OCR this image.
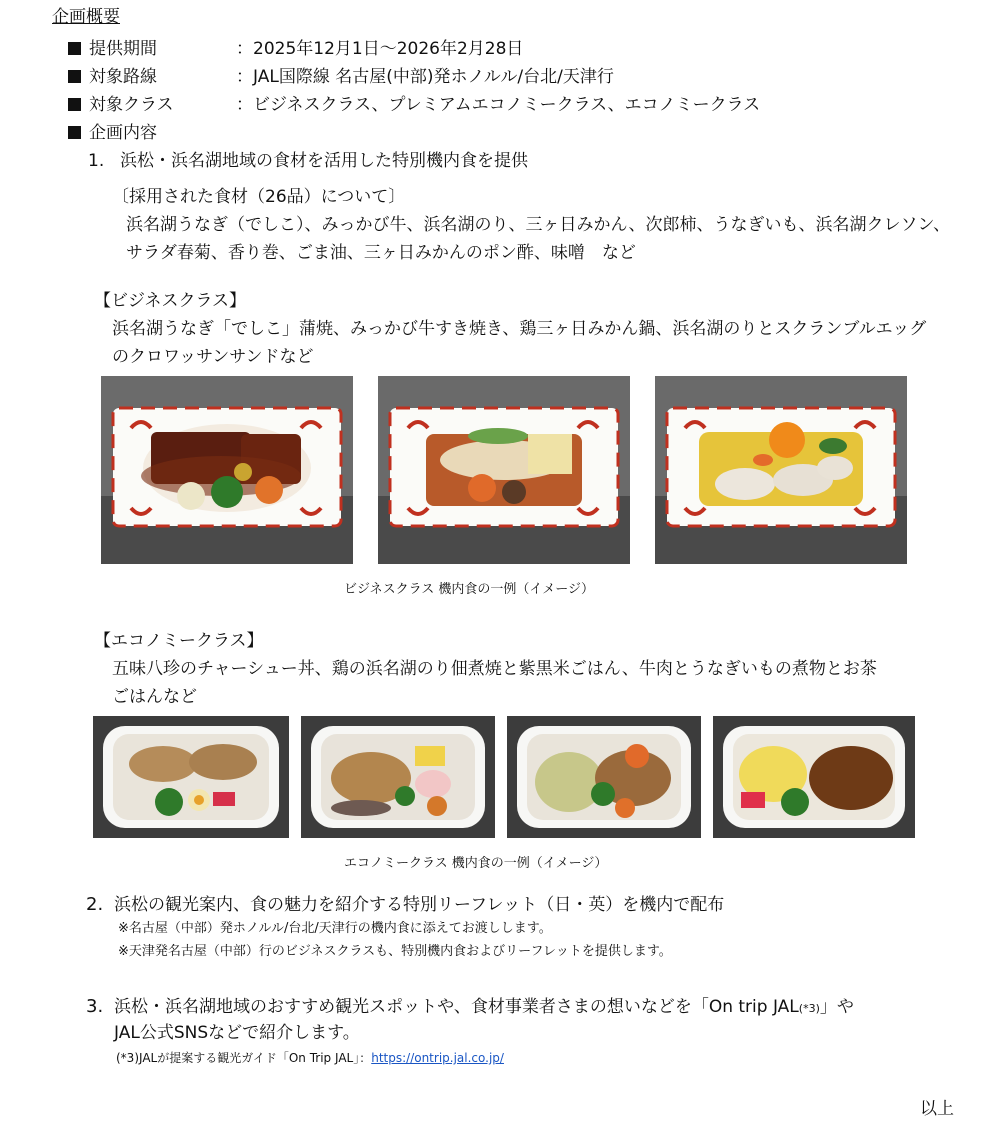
企画概要
提供期間	：2025年12月1日～2026年2月28日
対象路線	：JAL国際線 名古屋(中部)発ホノルル/台北/天津行
対象クラス	：ビジネスクラス、プレミアムエコノミークラス、エコノミークラス
企画内容
1. 浜松・浜名湖地域の食材を活用した特別機内食を提供
〔採用された食材（26品）について〕
浜名湖うなぎ（でしこ）、みっかび牛、浜名湖のり、三ヶ日みかん、次郎柿、うなぎいも、浜名湖クレソン、
サラダ春菊、香り巻、ごま油、三ヶ日みかんのポン酢、味噌　など
【ビジネスクラス】
浜名湖うなぎ「でしこ」蒲焼、みっかび牛すき焼き、鶏三ヶ日みかん鍋、浜名湖のりとスクランブルエッグ
のクロワッサンサンドなど
ビジネスクラス 機内食の一例（イメージ）
【エコノミークラス】
五味八珍のチャーシュー丼、鶏の浜名湖のり佃煮焼と紫黒米ごはん、牛肉とうなぎいもの煮物とお茶
ごはんなど
エコノミークラス 機内食の一例（イメージ）
2. 浜松の観光案内、食の魅力を紹介する特別リーフレット（日・英）を機内で配布
※名古屋（中部）発ホノルル/台北/天津行の機内食に添えてお渡しします。
※天津発名古屋（中部）行のビジネスクラスも、特別機内食およびリーフレットを提供します。
3. 浜松・浜名湖地域のおすすめ観光スポットや、食材事業者さまの想いなどを「On trip JAL(*3)」や
JAL公式SNSなどで紹介します。
(*3)JALが提案する観光ガイド「On Trip JAL」：https://ontrip.jal.co.jp/
以上
